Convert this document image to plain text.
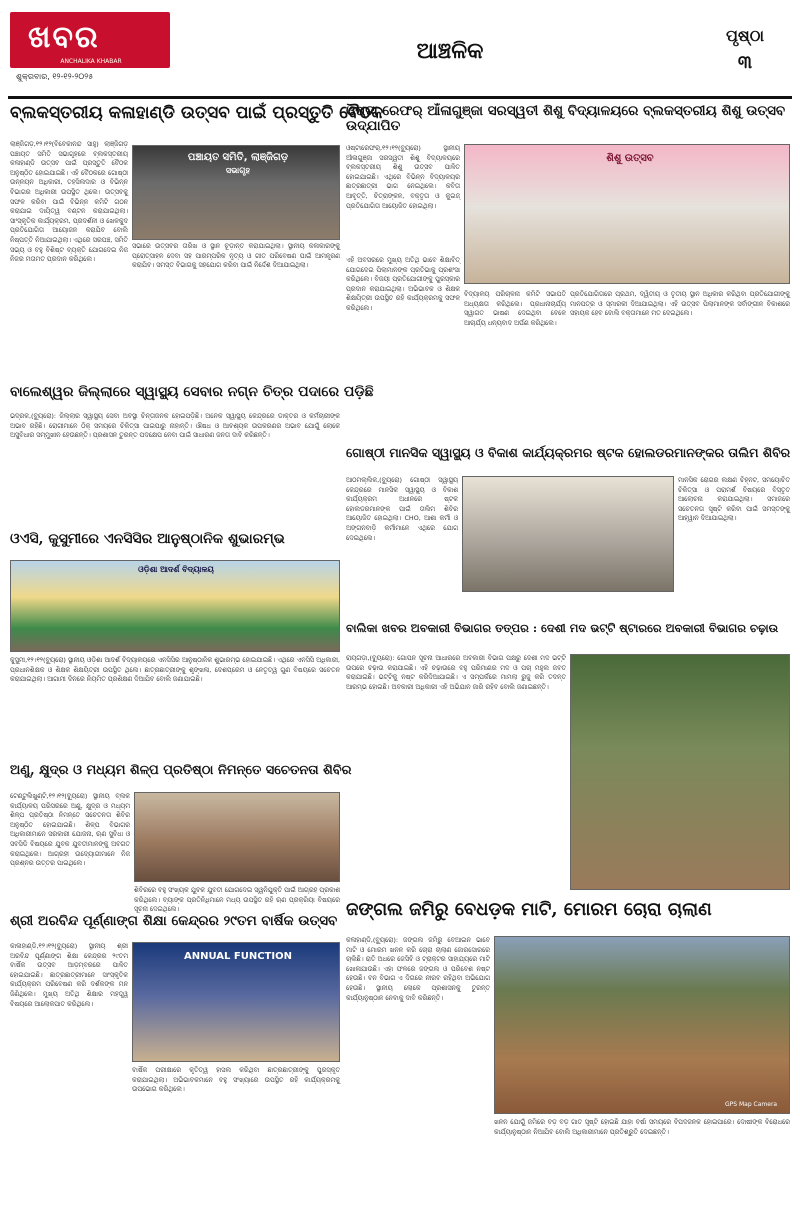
ଖବର
ANCHALIKA KHABAR
ଶୁକ୍ରବାର, ୧୨-୧୨-୨୦୨୫
ଆଞ୍ଚଳିକ
ପୃଷ୍ଠା
୩
ବ୍ଲକସ୍ତରୀୟ କଳାହାଣ୍ଡି ଉତ୍ସବ ପାଇଁ ପ୍ରସ୍ତୁତି ବୈଠକ
ଲାଞ୍ଜିଗଡ଼,୧୨।୧୨(ବିବେକାନନ୍ଦ ସାହୁ) ଲାଞ୍ଜିଗଡ଼ ପଞ୍ଚାୟତ ସମିତି ସଭାଗୃହରେ ବ୍ଲକସ୍ତରୀୟ କଳାହାଣ୍ଡି ଉତ୍ସବ ପାଇଁ ପ୍ରସ୍ତୁତି ବୈଠକ ଅନୁଷ୍ଠିତ ହୋଇଯାଇଛି। ଏହି ବୈଠକରେ ଗୋଷ୍ଠୀ ଉନ୍ନୟନ ଅଧିକାରୀ, ତହସିଲଦାର ଓ ବିଭିନ୍ନ ବିଭାଗର ଅଧିକାରୀ ଉପସ୍ଥିତ ଥିଲେ। ଉତ୍ସବକୁ ସଫଳ କରିବା ପାଇଁ ବିଭିନ୍ନ କମିଟି ଗଠନ କରାଯାଇ ଦାୟିତ୍ୱ ବଣ୍ଟନ କରାଯାଇଥିଲା। ସାଂସ୍କୃତିକ କାର୍ଯ୍ୟକ୍ରମ, ପ୍ରଦର୍ଶନୀ ଓ ଖେଳକୁଦ ପ୍ରତିଯୋଗିତା ଆୟୋଜନ କରାଯିବ ବୋଲି ନିଷ୍ପତ୍ତି ନିଆଯାଇଥିଲା। ଏଥିରେ ସରପଞ୍ଚ, ସମିତି ସଭ୍ୟ ଓ ବହୁ ବିଶିଷ୍ଟ ବ୍ୟକ୍ତି ଯୋଗଦେଇ ନିଜ ନିଜର ମତାମତ ପ୍ରଦାନ କରିଥିଲେ।
ପଞ୍ଚାୟତ ସମିତି, ଲାଞ୍ଜିଗଡ଼
ସଭାଗୃହ
ସଭାରେ ଉତ୍ସବର ତାରିଖ ଓ ସ୍ଥାନ ଚୂଡ଼ାନ୍ତ କରାଯାଇଥିଲା। ସ୍ଥାନୀୟ କଳାକାରଙ୍କୁ ପ୍ରୋତ୍ସାହନ ଦେବା ସହ ପାରମ୍ପରିକ ନୃତ୍ୟ ଓ ଗୀତ ପରିବେଷଣ ପାଇଁ ଆମନ୍ତ୍ରଣ କରାଯିବ। ସମସ୍ତ ବିଭାଗକୁ ସହଯୋଗ କରିବା ପାଇଁ ନିର୍ଦ୍ଦେଶ ଦିଆଯାଇଥିଲା।
ଓଷ୍ଟା ରେଫର୍ ଆଁଳାଗୁଞ୍ଜା ସରସ୍ୱତୀ ଶିଶୁ ବିଦ୍ୟାଳୟରେ ବ୍ଲକସ୍ତରୀୟ ଶିଶୁ ଉତ୍ସବ ଉଦ୍‌ଯାପିତ
ଓଷ୍ଟାରେଫର୍,୧୨।୧୨(ବ୍ୟୁରୋ) ସ୍ଥାନୀୟ ଆଁଳାଗୁଞ୍ଜା ସରସ୍ୱତୀ ଶିଶୁ ବିଦ୍ୟାଳୟରେ ବ୍ଲକସ୍ତରୀୟ ଶିଶୁ ଉତ୍ସବ ପାଳିତ ହୋଇଯାଇଛି। ଏଥିରେ ବିଭିନ୍ନ ବିଦ୍ୟାଳୟର ଛାତ୍ରଛାତ୍ରୀ ଭାଗ ନେଇଥିଲେ। କବିତା ଆବୃତ୍ତି, ଚିତ୍ରାଙ୍କନ, ବକ୍ତୃତା ଓ କୁଇଜ୍ ପ୍ରତିଯୋଗିତା ଆୟୋଜିତ ହୋଇଥିଲା।
ଶିଶୁ ଉତ୍ସବ
ଏହି ଅବସରରେ ମୁଖ୍ୟ ଅତିଥି ଭାବେ ଶିକ୍ଷାବିତ୍ ଯୋଗଦେଇ ପିଲାମାନଙ୍କ ପ୍ରତିଭାକୁ ପ୍ରଶଂସା କରିଥିଲେ। ବିଜୟୀ ପ୍ରତିଯୋଗୀଙ୍କୁ ପୁରସ୍କାର ପ୍ରଦାନ କରାଯାଇଥିଲା। ଅଭିଭାବକ ଓ ଶିକ୍ଷକ ଶିକ୍ଷୟିତ୍ରୀ ଉପସ୍ଥିତ ରହି କାର୍ଯ୍ୟକ୍ରମକୁ ସଫଳ କରିଥିଲେ।
ବିଦ୍ୟାଳୟ ପରିଚାଳନା କମିଟି ସଭାପତି ଅଧ୍ୟକ୍ଷତା କରିଥିଲେ। ପ୍ରଧାନାଚାର୍ଯ୍ୟ ସ୍ୱାଗତ ଭାଷଣ ଦେଇଥିବା ବେଳେ ଆଚାର୍ଯ୍ୟ ଧନ୍ୟବାଦ ଅର୍ପଣ କରିଥିଲେ।
ପ୍ରତିଯୋଗିତାରେ ପ୍ରଥମ, ଦ୍ୱିତୀୟ ଓ ତୃତୀୟ ସ୍ଥାନ ଅଧିକାର କରିଥିବା ପ୍ରତିଯୋଗୀଙ୍କୁ ମାନପତ୍ର ଓ ସ୍ମାରକୀ ଦିଆଯାଇଥିଲା। ଏହି ଉତ୍ସବ ପିଲାମାନଙ୍କ ସର୍ବାଙ୍ଗୀନ ବିକାଶରେ ସହାୟକ ହେବ ବୋଲି ବକ୍ତାମାନେ ମତ ଦେଇଥିଲେ।
ବାଲେଶ୍ୱର ଜିଲ୍ଲାରେ ସ୍ୱାସ୍ଥ୍ୟ ସେବାର ନଗ୍ନ ଚିତ୍ର ପଦାରେ ପଡ଼ିଛି
ଭଦ୍ରକ,(ବ୍ୟୁରୋ): ଜିଲ୍ଲାର ସ୍ୱାସ୍ଥ୍ୟ ସେବା ଅବସ୍ଥା ଚିନ୍ତାଜନକ ହୋଇପଡ଼ିଛି। ଅନେକ ସ୍ୱାସ୍ଥ୍ୟ କେନ୍ଦ୍ରରେ ଡାକ୍ତର ଓ କର୍ମଚାରୀଙ୍କ ଅଭାବ ରହିଛି। ରୋଗୀମାନେ ଠିକ୍ ସମୟରେ ଚିକିତ୍ସା ପାଇପାରୁ ନାହାନ୍ତି। ଔଷଧ ଓ ଆବଶ୍ୟକ ଉପକରଣର ଅଭାବ ଯୋଗୁଁ ଲୋକେ ଅସୁବିଧାର ସମ୍ମୁଖୀନ ହେଉଛନ୍ତି। ପ୍ରଶାସନ ତୁରନ୍ତ ପଦକ୍ଷେପ ନେବା ପାଇଁ ସାଧାରଣ ଜନତା ଦାବି କରିଛନ୍ତି।
ଗୋଷ୍ଠୀ ମାନସିକ ସ୍ୱାସ୍ଥ୍ୟ ଓ ବିକାଶ କାର୍ଯ୍ୟକ୍ରମର ଷ୍ଟକ ହୋଲଡରମାନଙ୍କର ତାଲିମ ଶିବିର
ଆଠମଲ୍ଲିକ,(ବ୍ୟୁରୋ) ଗୋଷ୍ଠୀ ସ୍ୱାସ୍ଥ୍ୟ କେନ୍ଦ୍ରରେ ମାନସିକ ସ୍ୱାସ୍ଥ୍ୟ ଓ ବିକାଶ କାର୍ଯ୍ୟକ୍ରମ ଅଧୀନରେ ଷ୍ଟକ ହୋଲଡରମାନଙ୍କ ପାଇଁ ତାଲିମ ଶିବିର ଆୟୋଜିତ ହୋଇଥିଲା। CHO, ଆଶା କର୍ମୀ ଓ ଅଙ୍ଗନବାଡ଼ି କର୍ମୀମାନେ ଏଥିରେ ଯୋଗ ଦେଇଥିଲେ।
ମାନସିକ ରୋଗର ଲକ୍ଷଣ ଚିହ୍ନଟ, ସମୟୋଚିତ ଚିକିତ୍ସା ଓ ପରାମର୍ଶ ବିଷୟରେ ବିସ୍ତୃତ ଆଲୋଚନା କରାଯାଇଥିଲା। ସମାଜରେ ସଚେତନତା ସୃଷ୍ଟି କରିବା ପାଇଁ ସମସ୍ତଙ୍କୁ ଆହ୍ୱାନ ଦିଆଯାଇଥିଲା।
ଓଏସି, କୁସୁମୀରେ ଏନସିସିର ଆନୁଷ୍ଠାନିକ ଶୁଭାରମ୍ଭ
ଓଡ଼ିଶା ଆଦର୍ଶ ବିଦ୍ୟାଳୟ
କୁସୁମୀ,୧୨।୧୨(ବ୍ୟୁରୋ) ସ୍ଥାନୀୟ ଓଡ଼ିଶା ଆଦର୍ଶ ବିଦ୍ୟାଳୟରେ ଏନସିସିର ଆନୁଷ୍ଠାନିକ ଶୁଭାରମ୍ଭ ହୋଇଯାଇଛି। ଏଥିରେ ଏନସିସି ଅଧିକାରୀ, ପ୍ରଧାନଶିକ୍ଷକ ଓ ଶିକ୍ଷକ ଶିକ୍ଷୟିତ୍ରୀ ଉପସ୍ଥିତ ଥିଲେ। ଛାତ୍ରଛାତ୍ରୀଙ୍କୁ ଶୃଙ୍ଖଳା, ଦେଶପ୍ରେମ ଓ ନେତୃତ୍ୱ ଗୁଣ ବିଷୟରେ ସଚେତନ କରାଯାଇଥିଲା। ଆଗାମୀ ଦିନରେ ନିୟମିତ ପ୍ରଶିକ୍ଷଣ ଦିଆଯିବ ବୋଲି ଜଣାଯାଇଛି।
ବାଲିକା ଖବର ଅବକାରୀ ବିଭାଗର ତତ୍ପର : ଦେଶୀ ମଦ ଭଟ୍ଟି ଷ୍ଟାରରେ ଅବକାରୀ ବିଭାଗର ଚଢ଼ାଉ
ରାୟଗଡ଼ା,(ବ୍ୟୁରୋ): ଗୋପନ ସୂଚନା ଆଧାରରେ ଅବକାରୀ ବିଭାଗ ପକ୍ଷରୁ ଦେଶୀ ମଦ ଭଟ୍ଟି ଉପରେ ଚଢ଼ାଉ କରାଯାଇଛି। ଏହି ଚଢ଼ାଉରେ ବହୁ ପରିମାଣର ମଦ ଓ ପଚା ମହୁଲ ଜବତ କରାଯାଇଛି। ଭଟ୍ଟିକୁ ନଷ୍ଟ କରିଦିଆଯାଇଛି। ଏ ସମ୍ପର୍କରେ ମାମଲା ରୁଜୁ କରି ତଦନ୍ତ ଆରମ୍ଭ ହୋଇଛି। ଅବକାରୀ ଅଧିକାରୀ ଏହି ଅଭିଯାନ ଜାରି ରହିବ ବୋଲି ଜଣାଇଛନ୍ତି।
ଅଣୁ, କ୍ଷୁଦ୍ର ଓ ମଧ୍ୟମ ଶିଳ୍ପ ପ୍ରତିଷ୍ଠା ନିମନ୍ତେ ସଚେତନତା ଶିବିର
ଟେଣ୍ଟୁଲିଖୁଣ୍ଟି,୧୨।୧୨(ବ୍ୟୁରୋ) ସ୍ଥାନୀୟ ବ୍ଲକ କାର୍ଯ୍ୟାଳୟ ପରିସରରେ ଅଣୁ, କ୍ଷୁଦ୍ର ଓ ମଧ୍ୟମ ଶିଳ୍ପ ପ୍ରତିଷ୍ଠା ନିମନ୍ତେ ସଚେତନତା ଶିବିର ଅନୁଷ୍ଠିତ ହୋଇଯାଇଛି। ଶିଳ୍ପ ବିଭାଗର ଅଧିକାରୀମାନେ ସରକାରୀ ଯୋଜନା, ଋଣ ସୁବିଧା ଓ ସବସିଡି ବିଷୟରେ ଯୁବକ ଯୁବତୀମାନଙ୍କୁ ଅବଗତ କରାଇଥିଲେ। ଆଗ୍ରହୀ ଉଦ୍ୟୋଗୀମାନେ ନିଜ ପ୍ରଶ୍ନର ଉତ୍ତର ପାଇଥିଲେ।
ଶିବିରରେ ବହୁ ସଂଖ୍ୟକ ଯୁବକ ଯୁବତୀ ଯୋଗଦେଇ ସ୍ୱନିଯୁକ୍ତି ପାଇଁ ଆଗ୍ରହ ପ୍ରକାଶ କରିଥିଲେ। ବ୍ୟାଙ୍କ ପ୍ରତିନିଧିମାନେ ମଧ୍ୟ ଉପସ୍ଥିତ ରହି ଋଣ ପ୍ରକ୍ରିୟା ବିଷୟରେ ସୂଚନା ଦେଇଥିଲେ।	ଜଙ୍ଗଲ ଜମିରୁ ବେଧଡ଼କ ମାଟି, ମୋରମ ଚୋରା ଚାଲାଣ
କଳାହାଣ୍ଡି,(ବ୍ୟୁରୋ): ଜଙ୍ଗଲ ଜମିରୁ ବେଆଇନ ଭାବେ ମାଟି ଓ ମୋରମ ଖନନ କରି ଚୋରା ଚାଲାଣ ଜୋରସୋରରେ ଚାଲିଛି। ରାତି ଅଧରେ ଜେସିବି ଓ ଟ୍ରାକ୍ଟର ସାହାଯ୍ୟରେ ମାଟି ଖୋଳାଯାଉଛି। ଏହା ଫଳରେ ଜଙ୍ଗଲ ଓ ପରିବେଶ ନଷ୍ଟ ହେଉଛି। ବନ ବିଭାଗ ଏ ଦିଗରେ ନୀରବ ରହିଥିବା ଅଭିଯୋଗ ହେଉଛି। ସ୍ଥାନୀୟ ଲୋକେ ପ୍ରଶାସନକୁ ତୁରନ୍ତ କାର୍ଯ୍ୟାନୁଷ୍ଠାନ ନେବାକୁ ଦାବି କରିଛନ୍ତି।
GPS Map Camera
ଖନନ ଯୋଗୁଁ ଜମିରେ ବଡ଼ ବଡ଼ ଗାତ ସୃଷ୍ଟି ହୋଇଛି ଯାହା ବର୍ଷା ସମୟରେ ବିପଦଜନକ ହୋଇପାରେ। ଦୋଷୀଙ୍କ ବିରୋଧରେ କାର୍ଯ୍ୟାନୁଷ୍ଠାନ ନିଆଯିବ ବୋଲି ଅଧିକାରୀମାନେ ପ୍ରତିଶ୍ରୁତି ଦେଇଛନ୍ତି।
ଶ୍ରୀ ଅରବିନ୍ଦ ପୂର୍ଣ୍ଣାଙ୍ଗ ଶିକ୍ଷା କେନ୍ଦ୍ରର ୨୯ତମ ବାର୍ଷିକ ଉତ୍ସବ
କାଳାହାଣ୍ଡି,୧୨।୧୨(ବ୍ୟୁରୋ) ସ୍ଥାନୀୟ ଶ୍ରୀ ଅରବିନ୍ଦ ପୂର୍ଣ୍ଣାଙ୍ଗ ଶିକ୍ଷା କେନ୍ଦ୍ରର ୨୯ତମ ବାର୍ଷିକ ଉତ୍ସବ ଆଡ଼ମ୍ବରରେ ପାଳିତ ହୋଇଯାଇଛି। ଛାତ୍ରଛାତ୍ରୀମାନେ ସାଂସ୍କୃତିକ କାର୍ଯ୍ୟକ୍ରମ ପରିବେଷଣ କରି ଦର୍ଶକଙ୍କ ମନ ଜିଣିଥିଲେ। ମୁଖ୍ୟ ଅତିଥି ଶିକ୍ଷାର ମହତ୍ତ୍ୱ ବିଷୟରେ ଆଲୋକପାତ କରିଥିଲେ।
ANNUAL FUNCTION
ବାର୍ଷିକ ପରୀକ୍ଷାରେ କୃତିତ୍ୱ ହାସଲ କରିଥିବା ଛାତ୍ରଛାତ୍ରୀଙ୍କୁ ପୁରସ୍କୃତ କରାଯାଇଥିଲା। ଅଭିଭାବକମାନେ ବହୁ ସଂଖ୍ୟାରେ ଉପସ୍ଥିତ ରହି କାର୍ଯ୍ୟକ୍ରମକୁ ଉପଭୋଗ କରିଥିଲେ।
